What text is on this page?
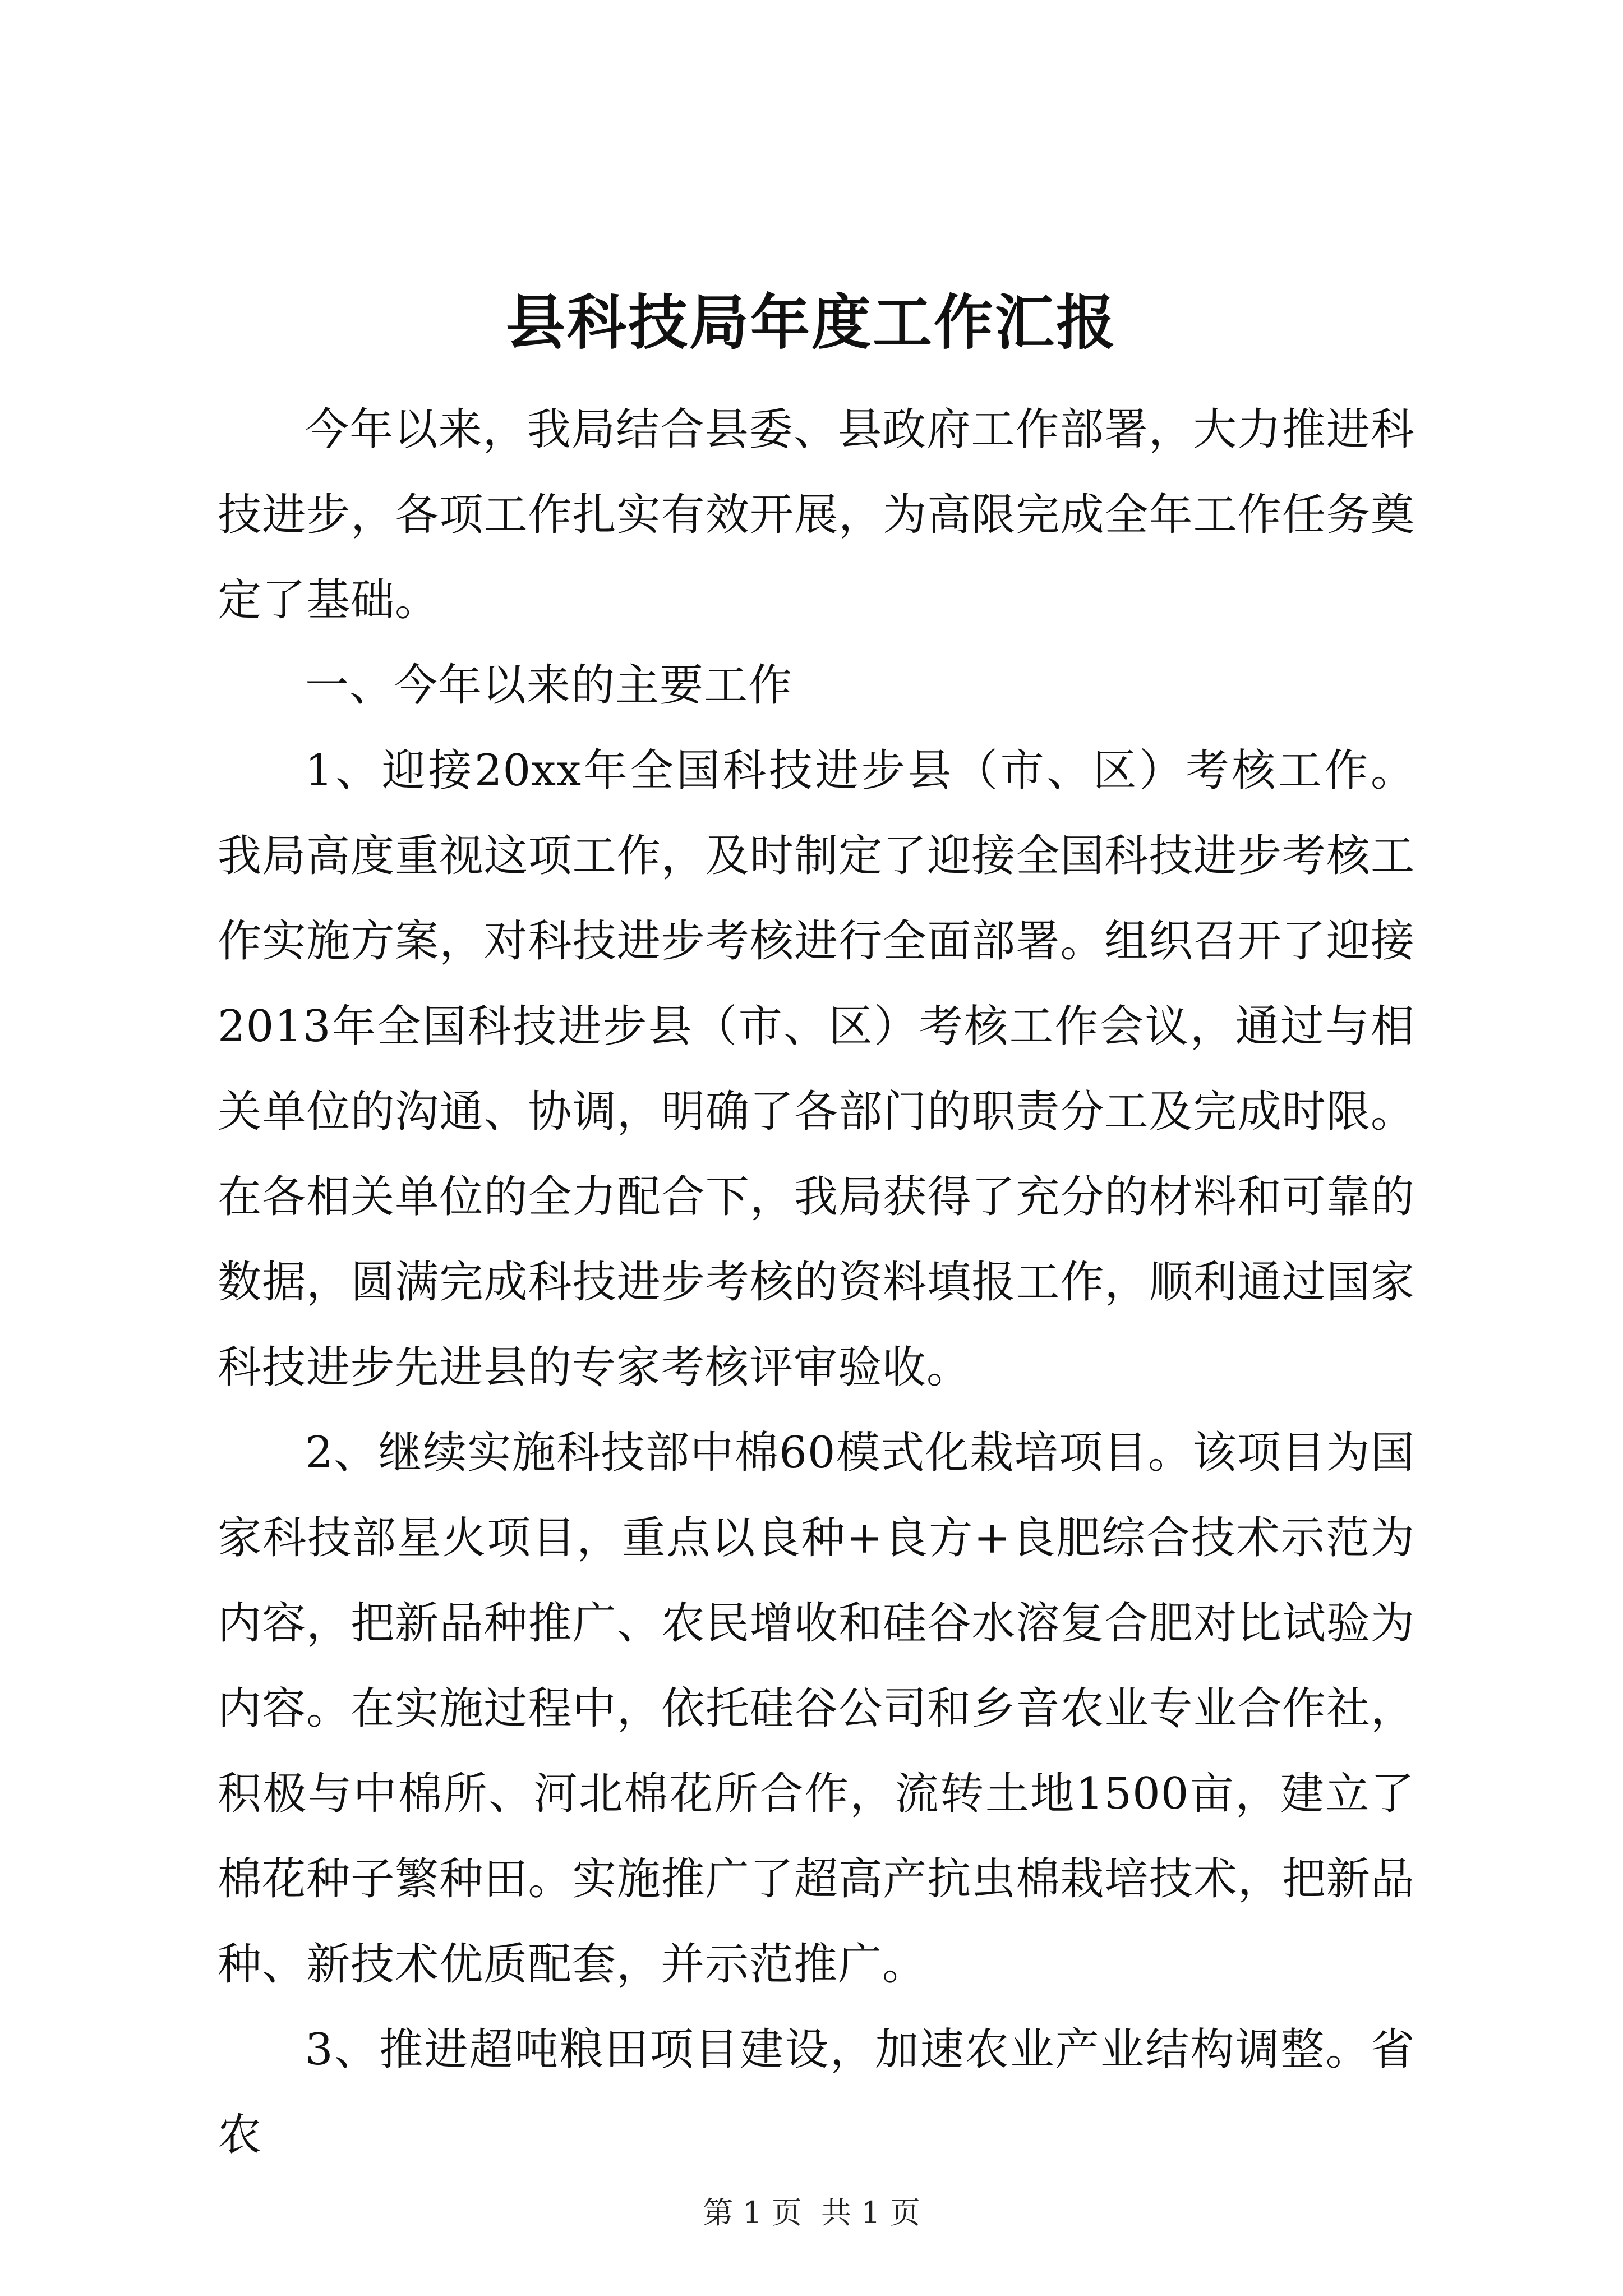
县科技局年度工作汇报

今年以来，我局结合县委、县政府工作部署，大力推进科技进步，各项工作扎实有效开展，为高限完成全年工作任务奠定了基础。

一、今年以来的主要工作

1、迎接20xx年全国科技进步县（市、区）考核工作。我局高度重视这项工作，及时制定了迎接全国科技进步考核工作实施方案，对科技进步考核进行全面部署。组织召开了迎接2013年全国科技进步县（市、区）考核工作会议，通过与相关单位的沟通、协调，明确了各部门的职责分工及完成时限。在各相关单位的全力配合下，我局获得了充分的材料和可靠的数据，圆满完成科技进步考核的资料填报工作，顺利通过国家科技进步先进县的专家考核评审验收。

2、继续实施科技部中棉60模式化栽培项目。该项目为国家科技部星火项目，重点以良种+良方+良肥综合技术示范为内容，把新品种推广、农民增收和硅谷水溶复合肥对比试验为内容。在实施过程中，依托硅谷公司和乡音农业专业合作社，积极与中棉所、河北棉花所合作，流转土地1500亩，建立了棉花种子繁种田。实施推广了超高产抗虫棉栽培技术，把新品种、新技术优质配套，并示范推广。

3、推进超吨粮田项目建设，加速农业产业结构调整。省农

第 1 页 共 1 页
